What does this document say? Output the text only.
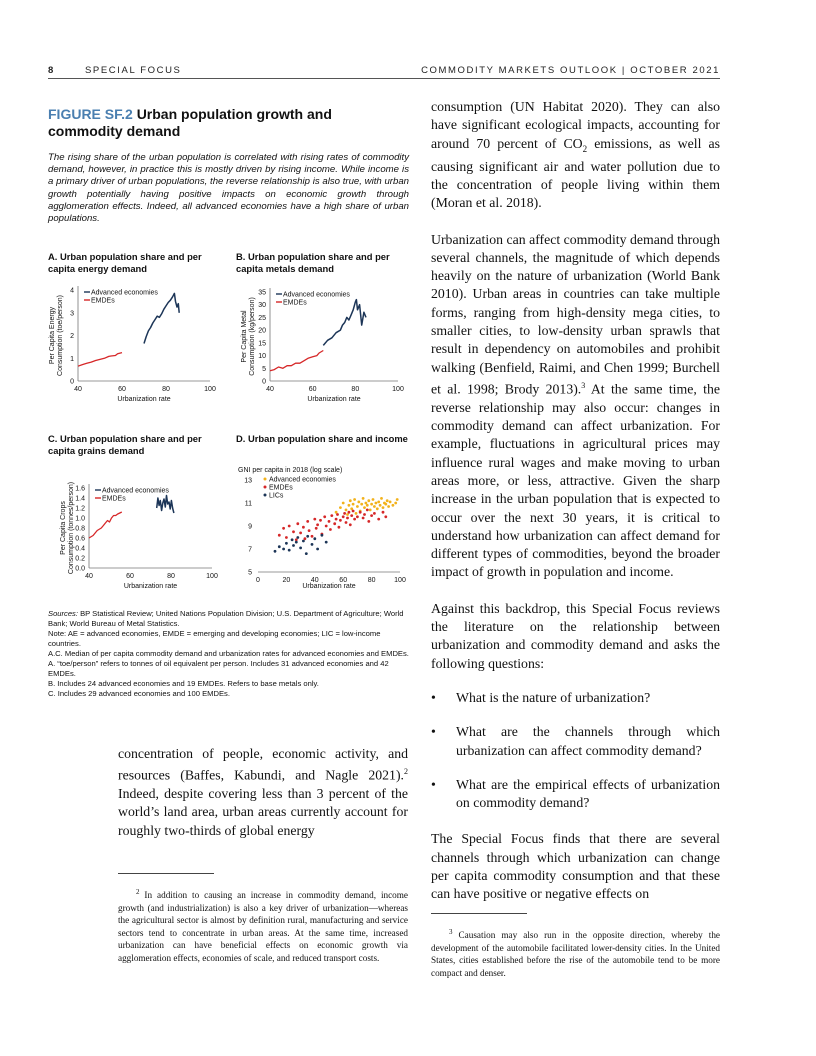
8	SPECIAL FOCUS	COMMODITY MARKETS OUTLOOK | OCTOBER 2021
FIGURE SF.2 Urban population growth and commodity demand
The rising share of the urban population is correlated with rising rates of commodity demand, however, in practice this is mostly driven by rising income. While income is a primary driver of urban populations, the reverse relationship is also true, with urban growth potentially having positive impacts on economic growth through agglomeration effects. Indeed, all advanced economies have a high share of urban populations.
A. Urban population share and per capita energy demand
B. Urban population share and per capita metals demand
C. Urban population share and per capita grains demand
D. Urban population share and income
0
1
2
3
4
40	60	80	100
Urbanization rate
Per Capita Energy Consumption (toe/person)
Advanced economies
EMDEs
0
5
10
15
20
25
30
35
40	60	80	100
Urbanization rate
Per Capita Metal Consumption (kg/person)
Advanced economies
EMDEs
0.0
0.2
0.4
0.6
0.8
1.0
1.2
1.4
1.6
40	60	80	100
Urbanization rate
Per Capita Crops Consumption (tonnes/person)	Advanced economies
EMDEs
GNI per capita in 2018 (log scale)
5
7
9
11
13
0	20	40	60	80	100
Urbanization rate
Advanced economies
EMDEs
LICs

Sources: BP Statistical Review; United Nations Population Division; U.S. Department of Agriculture; World Bank; World Bureau of Metal Statistics.

Note: AE = advanced economies, EMDE = emerging and developing economies; LIC = low-income countries.

A.C. Median of per capita commodity demand and urbanization rates for advanced economies and EMDEs.

A. “toe/person” refers to tonnes of oil equivalent per person. Includes 31 advanced economies and 42 EMDEs.

B. Includes 24 advanced economies and 19 EMDEs. Refers to base metals only.

C. Includes 29 advanced economies and 100 EMDEs.

concentration of people, economic activity, and resources (Baffes, Kabundi, and Nagle 2021).$^2$ Indeed, despite covering less than 3 percent of the world’s land area, urban areas currently account for roughly two-thirds of global energy

$^2$ In addition to causing an increase in commodity demand, income growth (and industrialization) is also a key driver of urbanization—whereas the agricultural sector is almost by definition rural, manufacturing and service sectors tend to concentrate in urban areas. At the same time, increased urbanization can have beneficial effects on economic growth via agglomeration effects, economies of scale, and reduced transport costs.

consumption (UN Habitat 2020). They can also have significant ecological impacts, accounting for around 70 percent of $CO_2$ emissions, as well as causing significant air and water pollution due to the concentration of people living within them (Moran et al. 2018).

Urbanization can affect commodity demand through several channels, the magnitude of which depends heavily on the nature of urbanization (World Bank 2010). Urban areas in countries can take multiple forms, ranging from high-density mega cities, to smaller cities, to low-density urban sprawls that result in dependency on automobiles and prohibit walking (Benfield, Raimi, and Chen 1999; Burchell et al. 1998; Brody 2013).$^3$ At the same time, the reverse relationship may also occur: changes in commodity demand can affect urbanization. For example, fluctuations in agricultural prices may influence rural wages and make moving to urban areas more, or less, attractive. Given the sharp increase in the urban population that is expected to occur over the next 30 years, it is critical to understand how urbanization can affect demand for different types of commodities, beyond the broader impact of growth in population and income.

Against this backdrop, this Special Focus reviews the literature on the relationship between urbanization and commodity demand and asks the following questions:

• What is the nature of urbanization?

• What are the channels through which urbanization can affect commodity demand?

• What are the empirical effects of urbanization on commodity demand?

The Special Focus finds that there are several channels through which urbanization can change per capita commodity consumption and that these can have positive or negative effects on

$^3$ Causation may also run in the opposite direction, whereby the development of the automobile facilitated lower-density cities. In the United States, cities established before the rise of the automobile tend to be more compact and denser.
